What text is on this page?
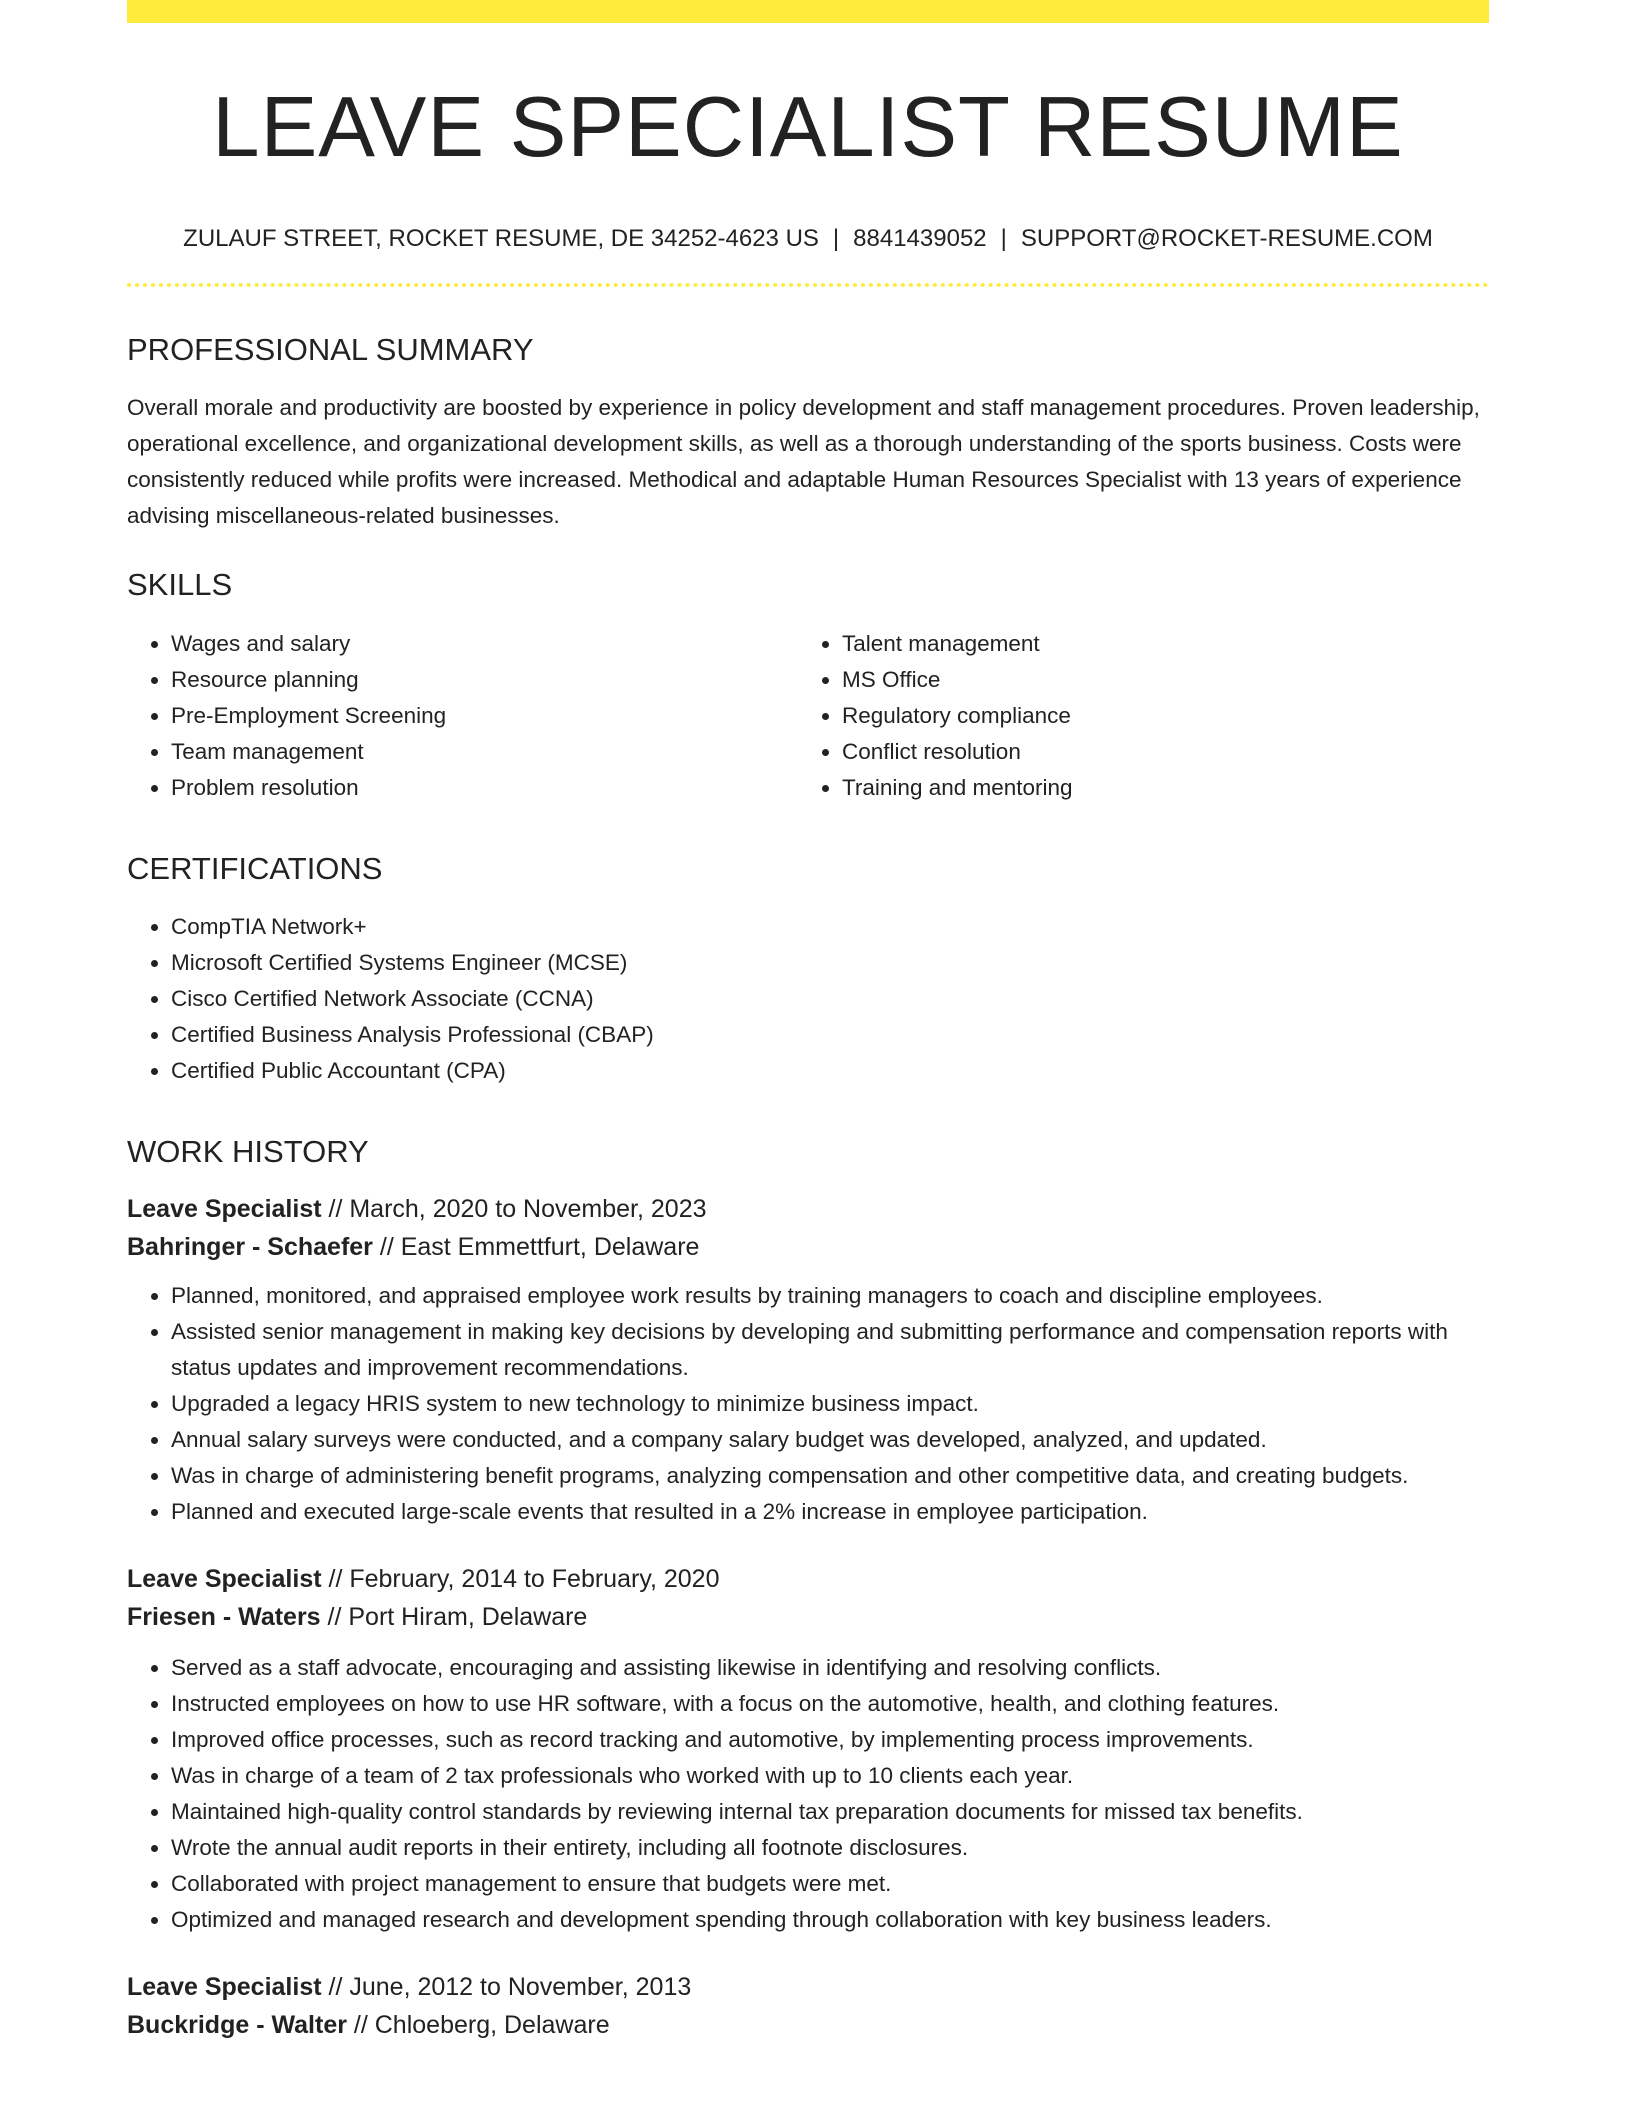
LEAVE SPECIALIST RESUME
ZULAUF STREET, ROCKET RESUME, DE 34252-4623 US | 8841439052 | SUPPORT@ROCKET-RESUME.COM
PROFESSIONAL SUMMARY

Overall morale and productivity are boosted by experience in policy development and staff management procedures. Proven leadership, operational excellence, and organizational development skills, as well as a thorough understanding of the sports business. Costs were consistently reduced while profits were increased. Methodical and adaptable Human Resources Specialist with 13 years of experience advising miscellaneous-related businesses.

SKILLS
• Wages and salary
• Resource planning
• Pre-Employment Screening
• Team management
• Problem resolution
• Talent management
• MS Office
• Regulatory compliance
• Conflict resolution
• Training and mentoring
CERTIFICATIONS
• CompTIA Network+
• Microsoft Certified Systems Engineer (MCSE)
• Cisco Certified Network Associate (CCNA)
• Certified Business Analysis Professional (CBAP)
• Certified Public Accountant (CPA)
WORK HISTORY
Leave Specialist // March, 2020 to November, 2023
Bahringer - Schaefer // East Emmettfurt, Delaware
• Planned, monitored, and appraised employee work results by training managers to coach and discipline employees.
• Assisted senior management in making key decisions by developing and submitting performance and compensation reports with status updates and improvement recommendations.
• Upgraded a legacy HRIS system to new technology to minimize business impact.
• Annual salary surveys were conducted, and a company salary budget was developed, analyzed, and updated.
• Was in charge of administering benefit programs, analyzing compensation and other competitive data, and creating budgets.
• Planned and executed large-scale events that resulted in a 2% increase in employee participation.
Leave Specialist // February, 2014 to February, 2020
Friesen - Waters // Port Hiram, Delaware
• Served as a staff advocate, encouraging and assisting likewise in identifying and resolving conflicts.
• Instructed employees on how to use HR software, with a focus on the automotive, health, and clothing features.
• Improved office processes, such as record tracking and automotive, by implementing process improvements.
• Was in charge of a team of 2 tax professionals who worked with up to 10 clients each year.
• Maintained high-quality control standards by reviewing internal tax preparation documents for missed tax benefits.
• Wrote the annual audit reports in their entirety, including all footnote disclosures.
• Collaborated with project management to ensure that budgets were met.
• Optimized and managed research and development spending through collaboration with key business leaders.
Leave Specialist // June, 2012 to November, 2013
Buckridge - Walter // Chloeberg, Delaware
